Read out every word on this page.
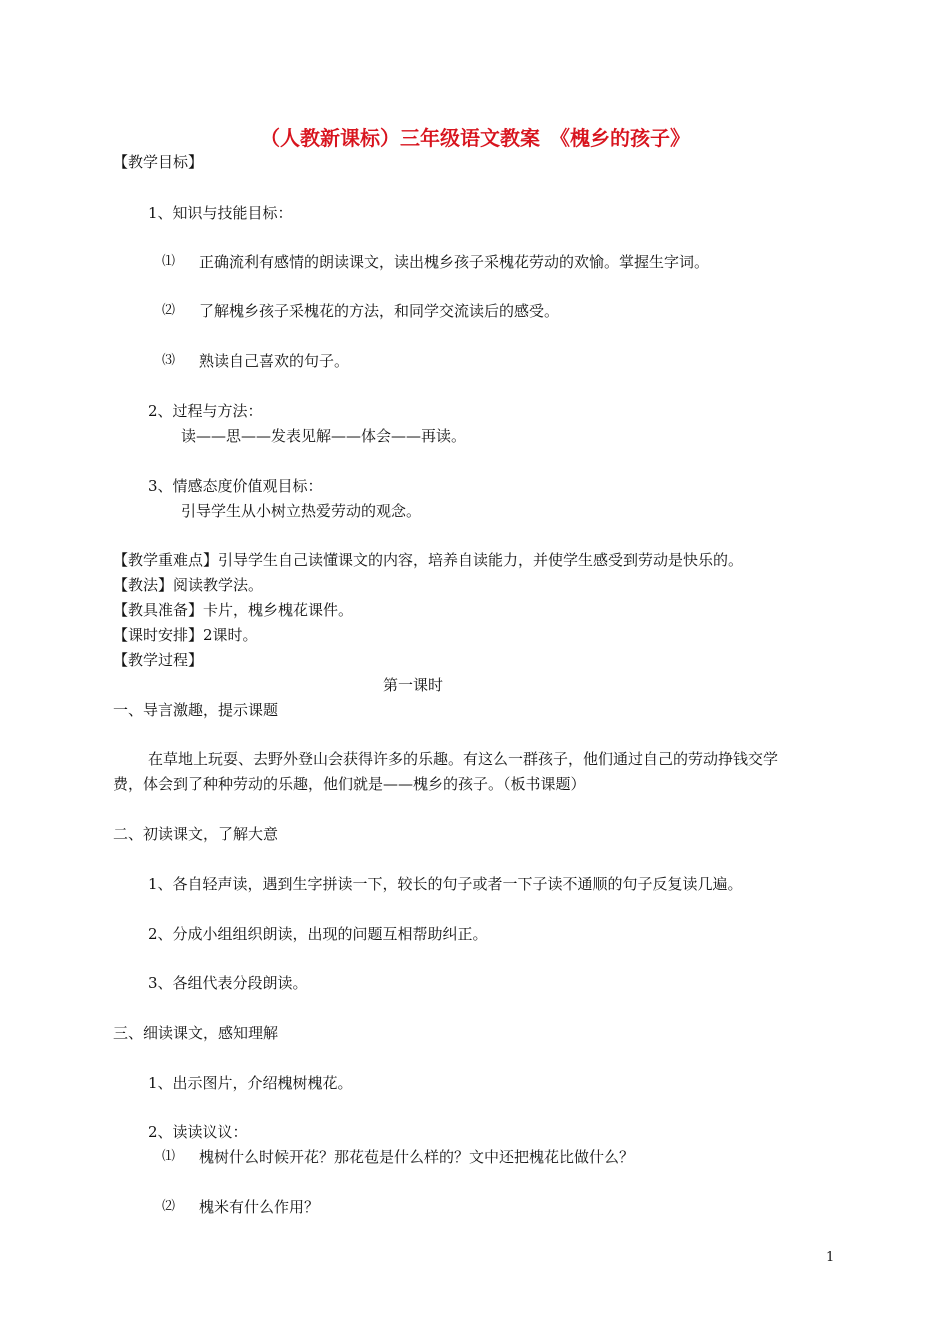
（人教新课标）三年级语文教案　《槐乡的孩子》
【教学目标】
1、知识与技能目标：
⑴ 正确流利有感情的朗读课文，读出槐乡孩子采槐花劳动的欢愉。掌握生字词。
⑵ 了解槐乡孩子采槐花的方法，和同学交流读后的感受。
⑶ 熟读自己喜欢的句子。
2、过程与方法：
读——思——发表见解——体会——再读。
3、情感态度价值观目标：
引导学生从小树立热爱劳动的观念。
【教学重难点】引导学生自己读懂课文的内容，培养自读能力，并使学生感受到劳动是快乐的。
【教法】阅读教学法。
【教具准备】卡片，槐乡槐花课件。
【课时安排】2课时。
【教学过程】
第一课时
一、导言激趣，提示课题
在草地上玩耍、去野外登山会获得许多的乐趣。有这么一群孩子，他们通过自己的劳动挣钱交学
费，体会到了种种劳动的乐趣，他们就是——槐乡的孩子。（板书课题）
二、初读课文，了解大意
1、各自轻声读，遇到生字拼读一下，较长的句子或者一下子读不通顺的句子反复读几遍。
2、分成小组组织朗读，出现的问题互相帮助纠正。
3、各组代表分段朗读。
三、细读课文，感知理解
1、出示图片，介绍槐树槐花。
2、读读议议：
⑴ 槐树什么时候开花？那花苞是什么样的？文中还把槐花比做什么？
⑵ 槐米有什么作用？
1
